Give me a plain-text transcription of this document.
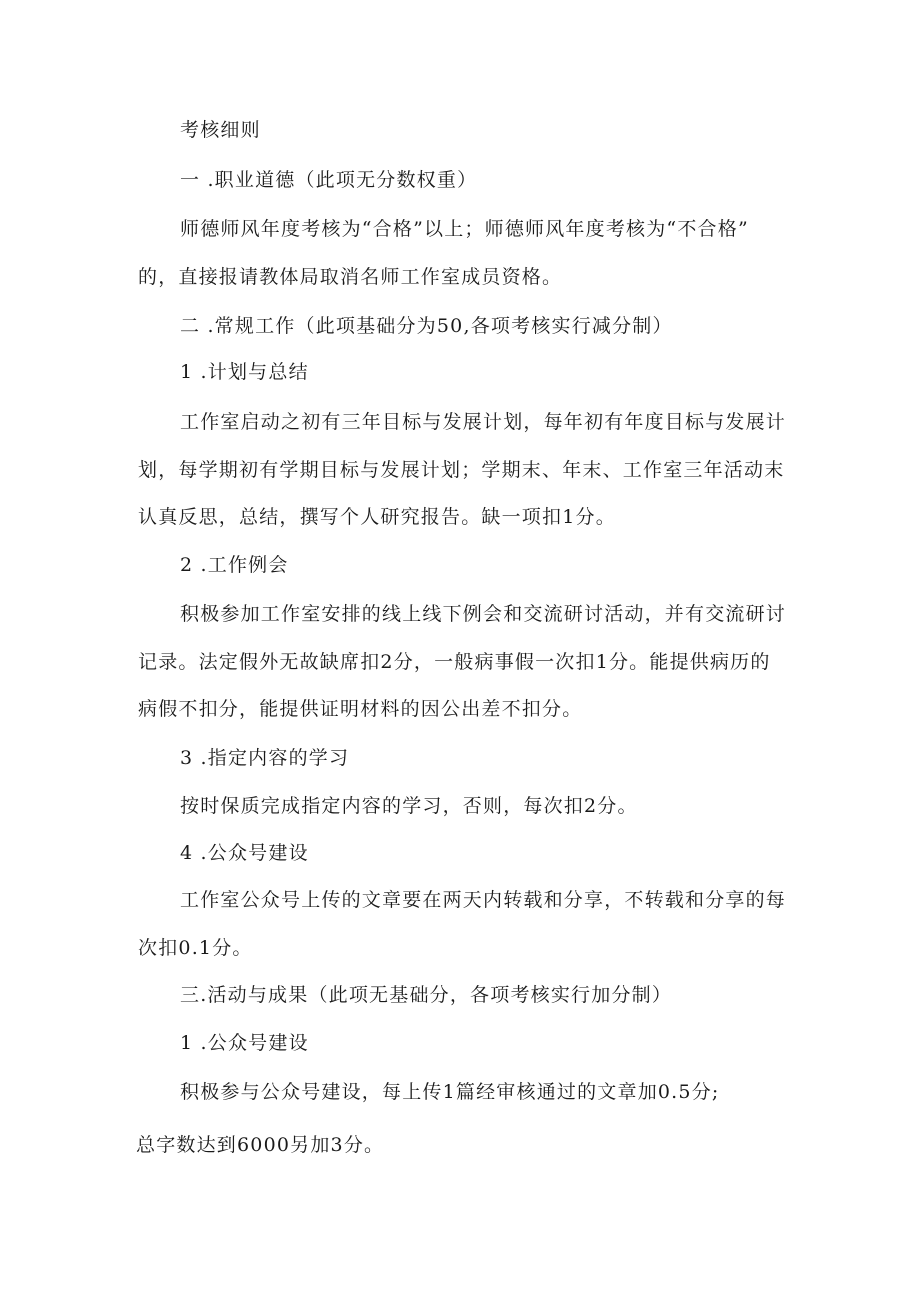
考核细则
一 .职业道德（此项无分数权重）
师德师风年度考核为“合格”以上；师德师风年度考核为“不合格”
的，直接报请教体局取消名师工作室成员资格。
二 .常规工作（此项基础分为50,各项考核实行减分制）
1 .计划与总结
工作室启动之初有三年目标与发展计划，每年初有年度目标与发展计
划，每学期初有学期目标与发展计划；学期末、年末、工作室三年活动末
认真反思，总结，撰写个人研究报告。缺一项扣1分。
2 .工作例会
积极参加工作室安排的线上线下例会和交流研讨活动，并有交流研讨
记录。法定假外无故缺席扣2分，一般病事假一次扣1分。能提供病历的
病假不扣分，能提供证明材料的因公出差不扣分。
3 .指定内容的学习
按时保质完成指定内容的学习，否则，每次扣2分。
4 .公众号建设
工作室公众号上传的文章要在两天内转载和分享，不转载和分享的每
次扣0.1分。
三.活动与成果（此项无基础分，各项考核实行加分制）
1 .公众号建设
积极参与公众号建设，每上传1篇经审核通过的文章加0.5分;
总字数达到6000另加3分。
